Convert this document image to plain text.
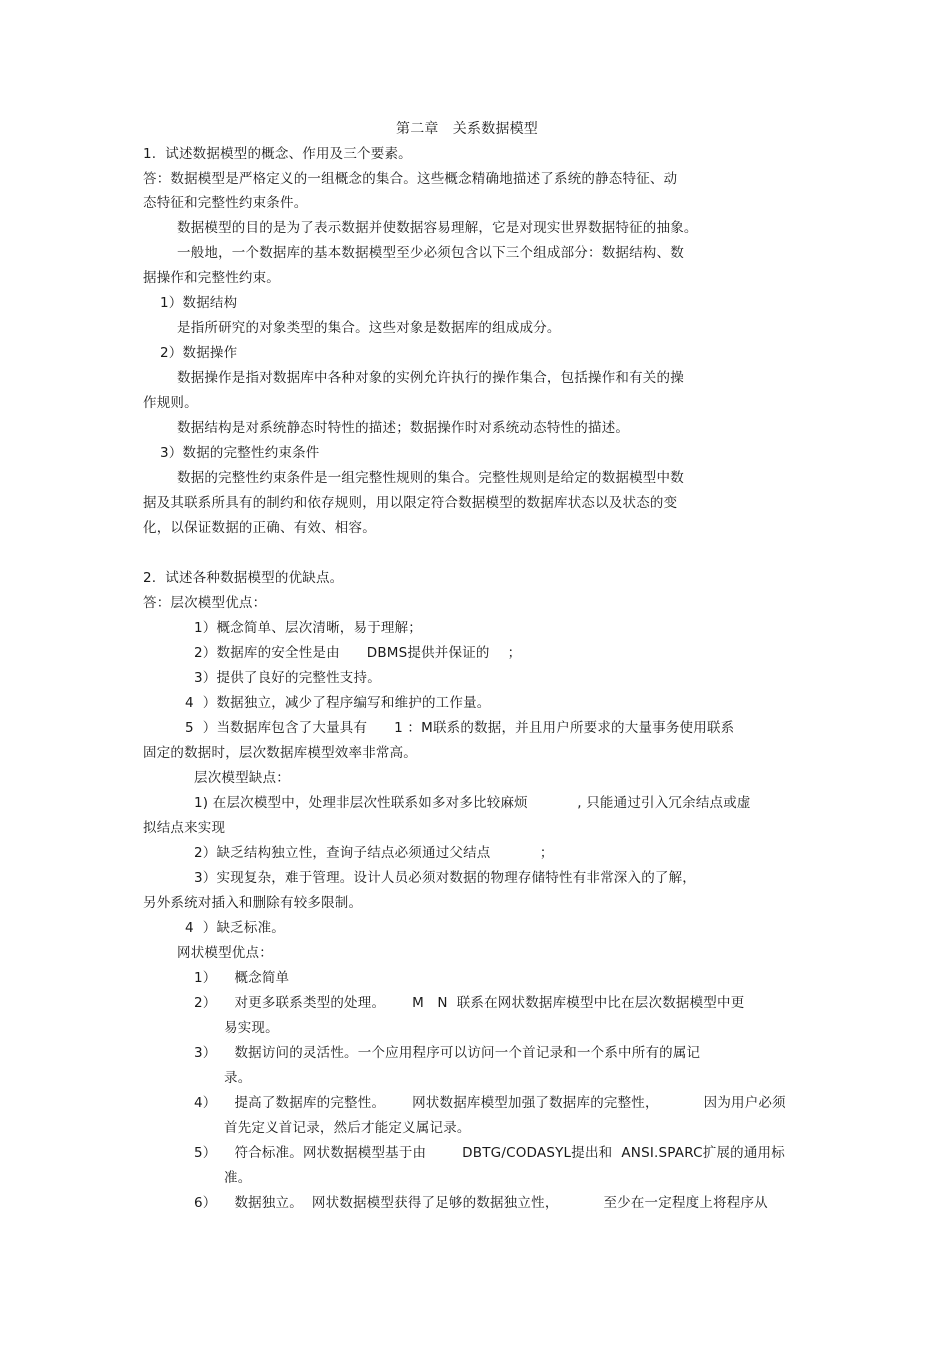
第二章　关系数据模型
1.  试述数据模型的概念、作用及三个要素。
答：数据模型是严格定义的一组概念的集合。这些概念精确地描述了系统的静态特征、动
态特征和完整性约束条件。
数据模型的目的是为了表示数据并使数据容易理解，它是对现实世界数据特征的抽象。
一般地，一个数据库的基本数据模型至少必须包含以下三个组成部分：数据结构、数
据操作和完整性约束。
1）数据结构
是指所研究的对象类型的集合。这些对象是数据库的组成成分。
2）数据操作
数据操作是指对数据库中各种对象的实例允许执行的操作集合，包括操作和有关的操
作规则。
数据结构是对系统静态时特性的描述；数据操作时对系统动态特性的描述。
3）数据的完整性约束条件
数据的完整性约束条件是一组完整性规则的集合。完整性规则是给定的数据模型中数
据及其联系所具有的制约和依存规则，用以限定符合数据模型的数据库状态以及状态的变
化，以保证数据的正确、有效、相容。
2.  试述各种数据模型的优缺点。
答：层次模型优点：
1）概念简单、层次清晰，易于理解；
2）数据库的安全性是由      DBMS提供并保证的    ；
3）提供了良好的完整性支持。
4  ）数据独立，减少了程序编写和维护的工作量。
5  ）当数据库包含了大量具有      1 ：M联系的数据，并且用户所要求的大量事务使用联系
固定的数据时，层次数据库模型效率非常高。
层次模型缺点：
1) 在层次模型中，处理非层次性联系如多对多比较麻烦           , 只能通过引入冗余结点或虚
拟结点来实现
2）缺乏结构独立性，查询子结点必须通过父结点           ；
3）实现复杂，难于管理。设计人员必须对数据的物理存储特性有非常深入的了解，
另外系统对插入和删除有较多限制。
4  ）缺乏标准。
网状模型优点：
1）    概念简单
2）    对更多联系类型的处理。      M   N  联系在网状数据库模型中比在层次数据模型中更
易实现。
3）    数据访问的灵活性。一个应用程序可以访问一个首记录和一个系中所有的属记
录。
4）    提高了数据库的完整性。      网状数据库模型加强了数据库的完整性，          因为用户必须
首先定义首记录，然后才能定义属记录。
5）    符合标准。网状数据模型基于由        DBTG/CODASYL提出和  ANSI.SPARC扩展的通用标
准。
6）    数据独立。  网状数据模型获得了足够的数据独立性，          至少在一定程度上将程序从
